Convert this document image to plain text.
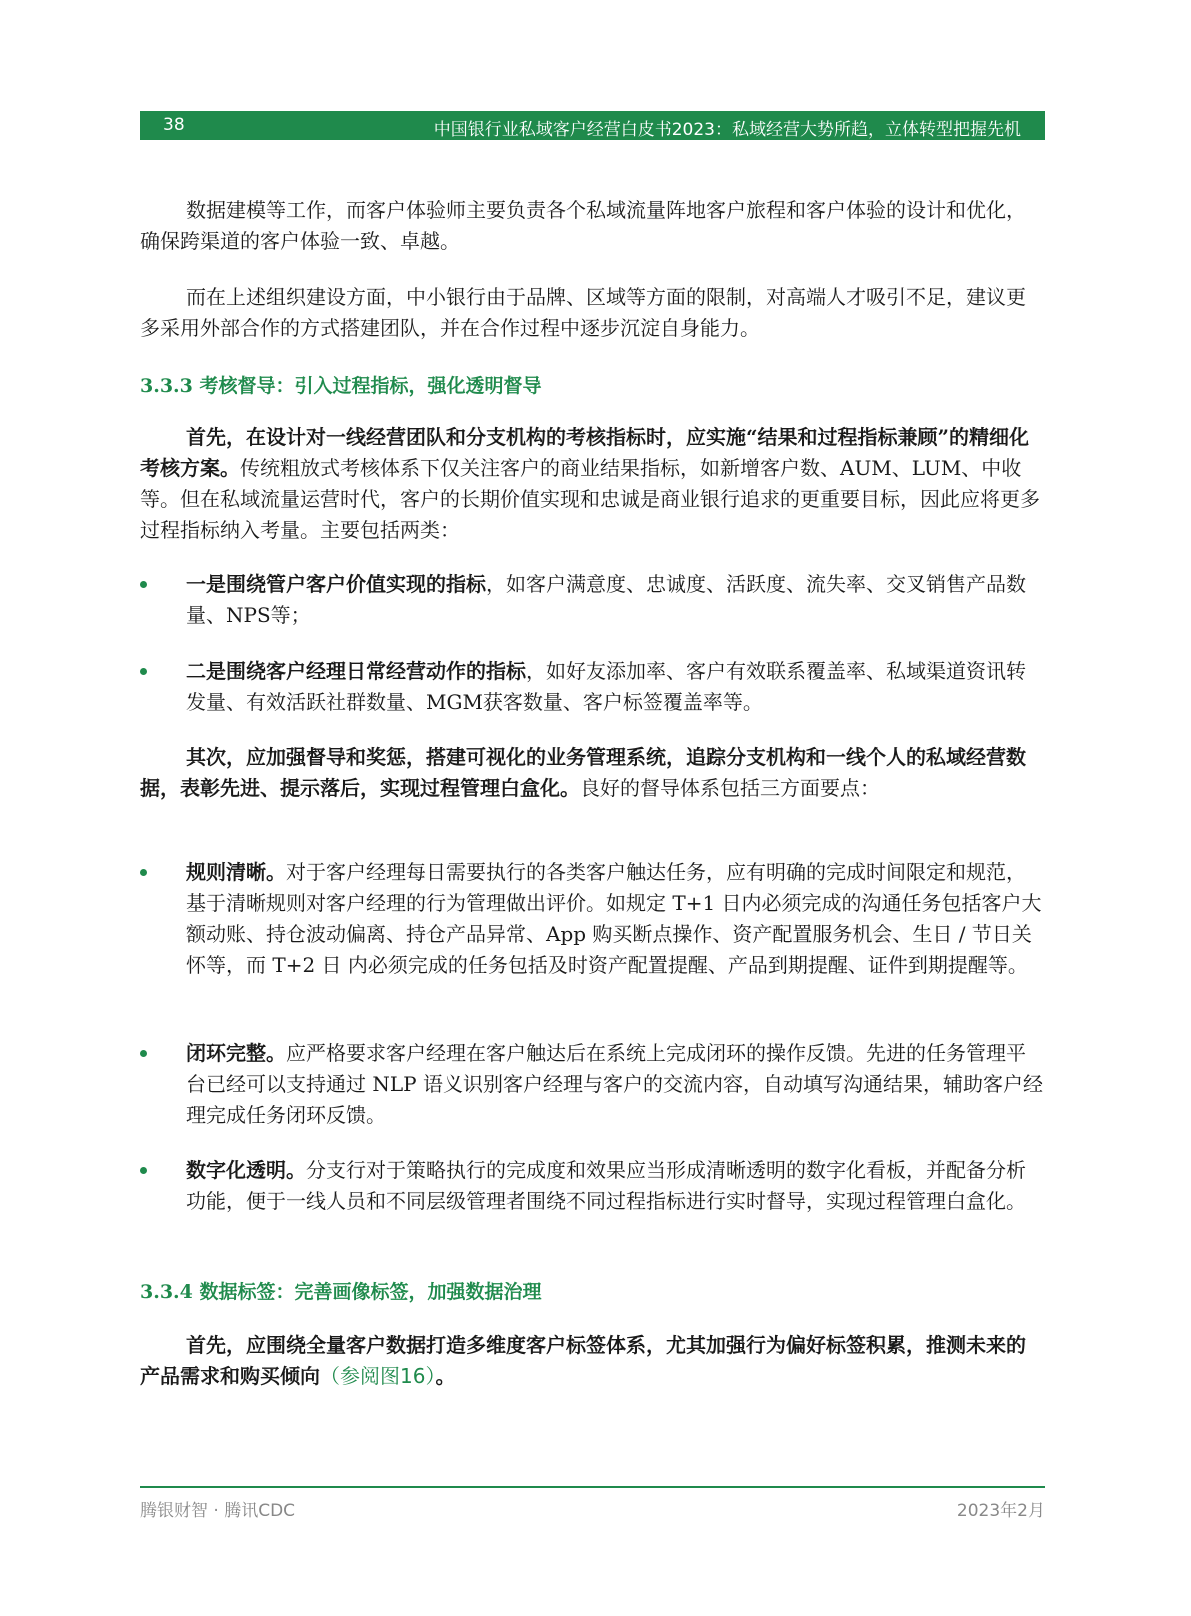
38	中国银行业私域客户经营白皮书2023：私域经营大势所趋，立体转型把握先机

数据建模等工作，而客户体验师主要负责各个私域流量阵地客户旅程和客户体验的设计和优化，确保跨渠道的客户体验一致、卓越。

而在上述组织建设方面，中小银行由于品牌、区域等方面的限制，对高端人才吸引不足，建议更多采用外部合作的方式搭建团队，并在合作过程中逐步沉淀自身能力。

3.3.3 考核督导：引入过程指标，强化透明督导

首先，在设计对一线经营团队和分支机构的考核指标时，应实施“结果和过程指标兼顾”的精细化考核方案。传统粗放式考核体系下仅关注客户的商业结果指标，如新增客户数、AUM、LUM、中收等。但在私域流量运营时代，客户的长期价值实现和忠诚是商业银行追求的更重要目标，因此应将更多过程指标纳入考量。主要包括两类：

一是围绕管户客户价值实现的指标，如客户满意度、忠诚度、活跃度、流失率、交叉销售产品数量、NPS等；

二是围绕客户经理日常经营动作的指标，如好友添加率、客户有效联系覆盖率、私域渠道资讯转发量、有效活跃社群数量、MGM获客数量、客户标签覆盖率等。

其次，应加强督导和奖惩，搭建可视化的业务管理系统，追踪分支机构和一线个人的私域经营数据，表彰先进、提示落后，实现过程管理白盒化。良好的督导体系包括三方面要点：

规则清晰。对于客户经理每日需要执行的各类客户触达任务，应有明确的完成时间限定和规范，基于清晰规则对客户经理的行为管理做出评价。如规定 T+1 日内必须完成的沟通任务包括客户大额动账、持仓波动偏离、持仓产品异常、App 购买断点操作、资产配置服务机会、生日 / 节日关怀等，而 T+2 日 内必须完成的任务包括及时资产配置提醒、产品到期提醒、证件到期提醒等。

闭环完整。应严格要求客户经理在客户触达后在系统上完成闭环的操作反馈。先进的任务管理平台已经可以支持通过 NLP 语义识别客户经理与客户的交流内容，自动填写沟通结果，辅助客户经理完成任务闭环反馈。

数字化透明。分支行对于策略执行的完成度和效果应当形成清晰透明的数字化看板，并配备分析功能，便于一线人员和不同层级管理者围绕不同过程指标进行实时督导，实现过程管理白盒化。

3.3.4 数据标签：完善画像标签，加强数据治理

首先，应围绕全量客户数据打造多维度客户标签体系，尤其加强行为偏好标签积累，推测未来的产品需求和购买倾向（参阅图16）。

腾银财智 · 腾讯CDC	2023年2月
